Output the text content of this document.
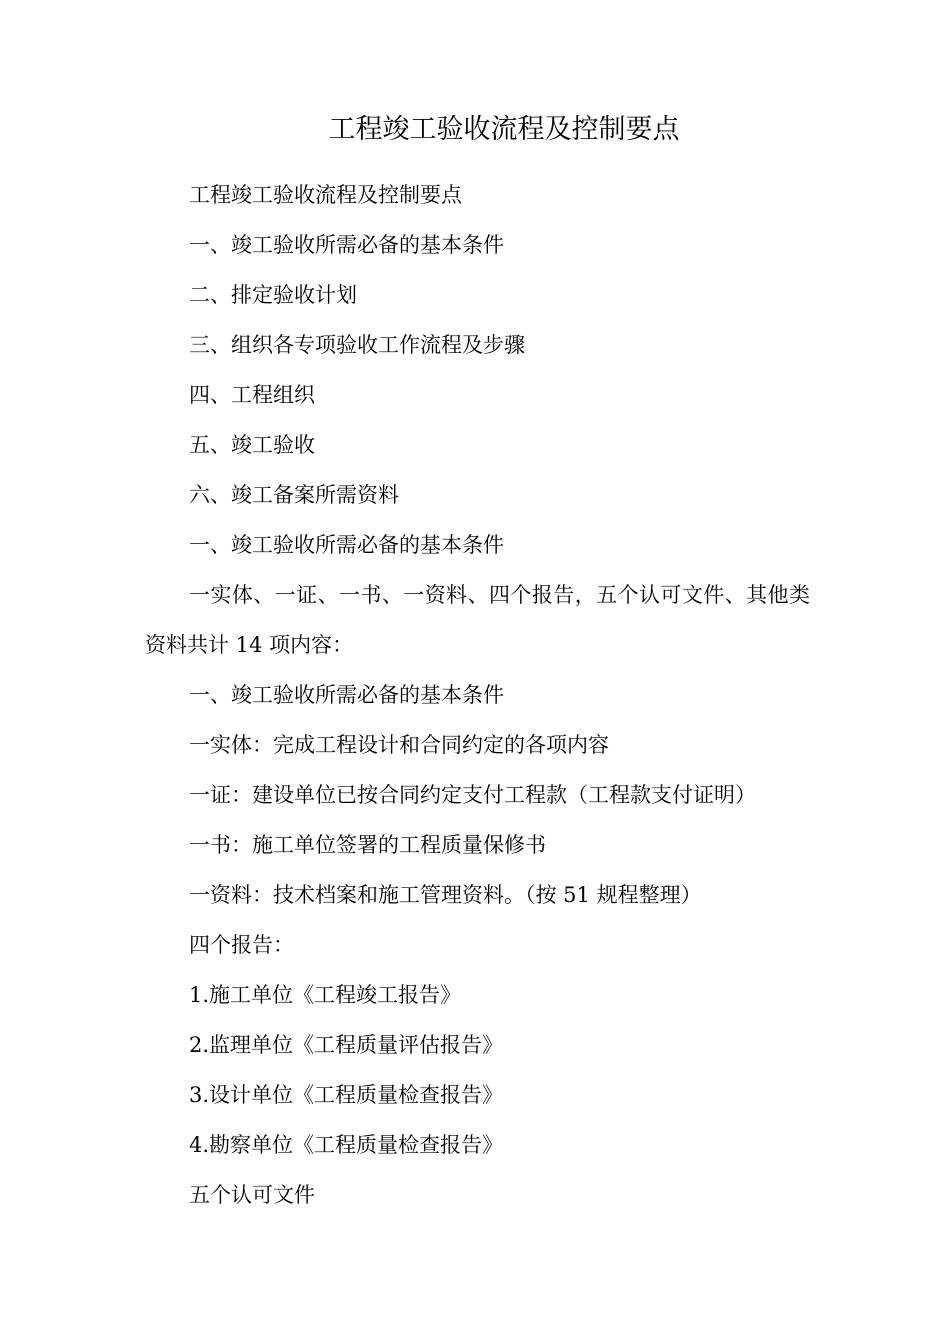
工程竣工验收流程及控制要点

工程竣工验收流程及控制要点

一、竣工验收所需必备的基本条件

二、排定验收计划

三、组织各专项验收工作流程及步骤

四、工程组织

五、竣工验收

六、竣工备案所需资料

一、竣工验收所需必备的基本条件

一实体、一证、一书、一资料、四个报告，五个认可文件、其他类资料共计 14 项内容：

一、竣工验收所需必备的基本条件

一实体：完成工程设计和合同约定的各项内容

一证：建设单位已按合同约定支付工程款（工程款支付证明）

一书：施工单位签署的工程质量保修书

一资料：技术档案和施工管理资料。（按 51 规程整理）

四个报告：

1.施工单位《工程竣工报告》

2.监理单位《工程质量评估报告》

3.设计单位《工程质量检查报告》

4.勘察单位《工程质量检查报告》

五个认可文件
